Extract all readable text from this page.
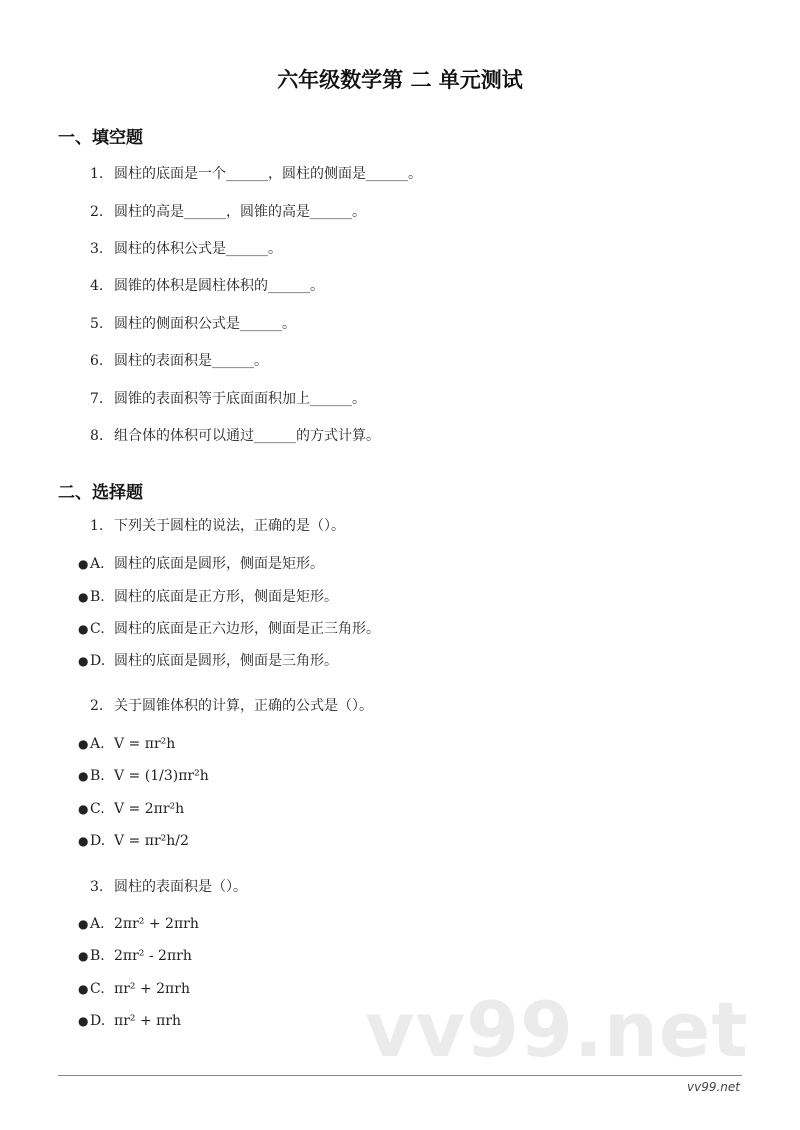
六年级数学第 二 单元测试
一、填空题
1. 圆柱的底面是一个______，圆柱的侧面是______。
2. 圆柱的高是______，圆锥的高是______。
3. 圆柱的体积公式是______。
4. 圆锥的体积是圆柱体积的______。
5. 圆柱的侧面积公式是______。
6. 圆柱的表面积是______。
7. 圆锥的表面积等于底面面积加上______。
8. 组合体的体积可以通过______的方式计算。
二、选择题
1. 下列关于圆柱的说法，正确的是（）。
● A. 圆柱的底面是圆形，侧面是矩形。
● B. 圆柱的底面是正方形，侧面是矩形。
● C. 圆柱的底面是正六边形，侧面是正三角形。
● D. 圆柱的底面是圆形，侧面是三角形。
2. 关于圆锥体积的计算，正确的公式是（）。
● A. V = πr²h
● B. V = (1/3)πr²h
● C. V = 2πr²h
● D. V = πr²h/2
3. 圆柱的表面积是（）。
● A. 2πr² + 2πrh
● B. 2πr² - 2πrh
● C. πr² + 2πrh
● D. πr² + πrh vv99.net
vv99.net
